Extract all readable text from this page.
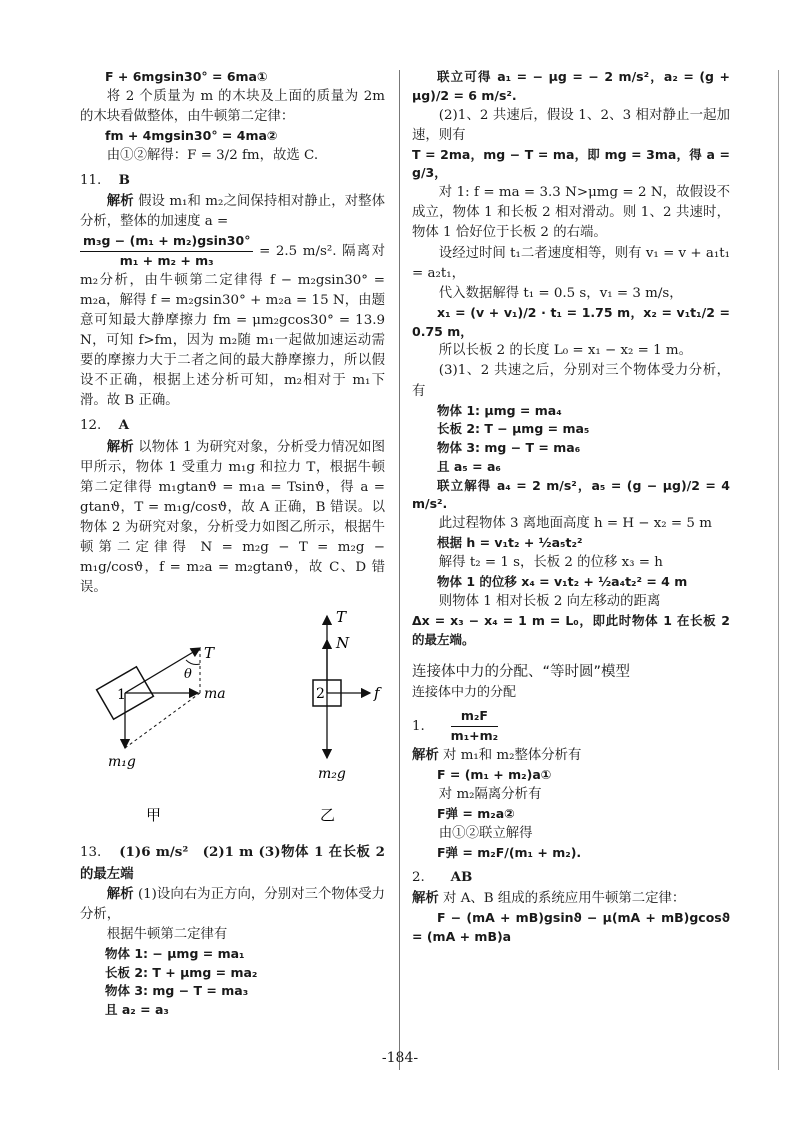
F + 6mgsin30° = 6ma①

将 2 个质量为 m 的木块及上面的质量为 2m 的木块看做整体，由牛顿第二定律：

fm + 4mgsin30° = 4ma②

由①②解得：F = 3/2 fm，故选 C.

11. B

解析 假设 m₁和 m₂之间保持相对静止，对整体分析，整体的加速度 a =

$\frac{\text{m₃g − (m₁ + m₂)gsin30°}}{\text{m₁ + m₂ + m₃}} = 2.5$ m/s². 隔离对 m₂分析，由牛顿第二定律得 f − m₂gsin30° = m₂a，解得 f = m₂gsin30° + m₂a = 15 N，由题意可知最大静摩擦力 fm = μm₂gcos30° = 13.9 N，可知 f>fm，因为 m₂随 m₁一起做加速运动需要的摩擦力大于二者之间的最大静摩擦力，所以假设不正确，根据上述分析可知，m₂相对于 m₁下滑。故 B 正确。

12. A

解析 以物体 1 为研究对象，分析受力情况如图甲所示，物体 1 受重力 m₁g 和拉力 T，根据牛顿第二定律得 m₁gtanϑ = m₁a = Tsinϑ，得 a = gtanϑ，T = m₁g/cosϑ，故 A 正确，B 错误。以物体 2 为研究对象，分析受力如图乙所示，根据牛顿第二定律得 N = m₂g − T = m₂g − m₁g/cosϑ，f = m₂a = m₂gtanϑ，故 C、D 错误。

T
θ
1	ma
m₁g
甲
T
N
2	f
m₂g
乙

13. (1)6 m/s²　(2)1 m (3)物体 1 在长板 2 的最左端

解析 (1)设向右为正方向，分别对三个物体受力分析，

根据牛顿第二定律有

物体 1: − μmg = ma₁

长板 2: T + μmg = ma₂

物体 3: mg − T = ma₃

且 a₂ = a₃

联立可得 a₁ = − μg = − 2 m/s²，a₂ = (g + μg)/2 = 6 m/s².

(2)1、2 共速后，假设 1、2、3 相对静止一起加速，则有

T = 2ma，mg − T = ma，即 mg = 3ma，得 a = g/3，

对 1: f = ma = 3.3 N>μmg = 2 N，故假设不成立，物体 1 和长板 2 相对滑动。则 1、2 共速时，物体 1 恰好位于长板 2 的右端。

设经过时间 t₁二者速度相等，则有 v₁ = v + a₁t₁ = a₂t₁，

代入数据解得 t₁ = 0.5 s，v₁ = 3 m/s，

x₁ = (v + v₁)/2 · t₁ = 1.75 m，x₂ = v₁t₁/2 = 0.75 m，

所以长板 2 的长度 L₀ = x₁ − x₂ = 1 m。

(3)1、2 共速之后，分别对三个物体受力分析，有

物体 1: μmg = ma₄

长板 2: T − μmg = ma₅

物体 3: mg − T = ma₆

且 a₅ = a₆

联立解得 a₄ = 2 m/s²，a₅ = (g − μg)/2 = 4 m/s².

此过程物体 3 离地面高度 h = H − x₂ = 5 m

根据 h = v₁t₂ + ½a₅t₂²

解得 t₂ = 1 s，长板 2 的位移 x₃ = h

物体 1 的位移 x₄ = v₁t₂ + ½a₄t₂² = 4 m

则物体 1 相对长板 2 向左移动的距离

Δx = x₃ − x₄ = 1 m = L₀，即此时物体 1 在长板 2 的最左端。

连接体中力的分配、“等时圆”模型

连接体中力的分配

1. $\frac{\text{m₂F}}{\text{m₁+m₂}}$

解析 对 m₁和 m₂整体分析有

F = (m₁ + m₂)a①

对 m₂隔离分析有

F弹 = m₂a②

由①②联立解得

F弹 = m₂F/(m₁ + m₂).

2. AB

解析 对 A、B 组成的系统应用牛顿第二定律：

F − (mA + mB)gsinϑ − μ(mA + mB)gcosϑ = (mA + mB)a

-184-
